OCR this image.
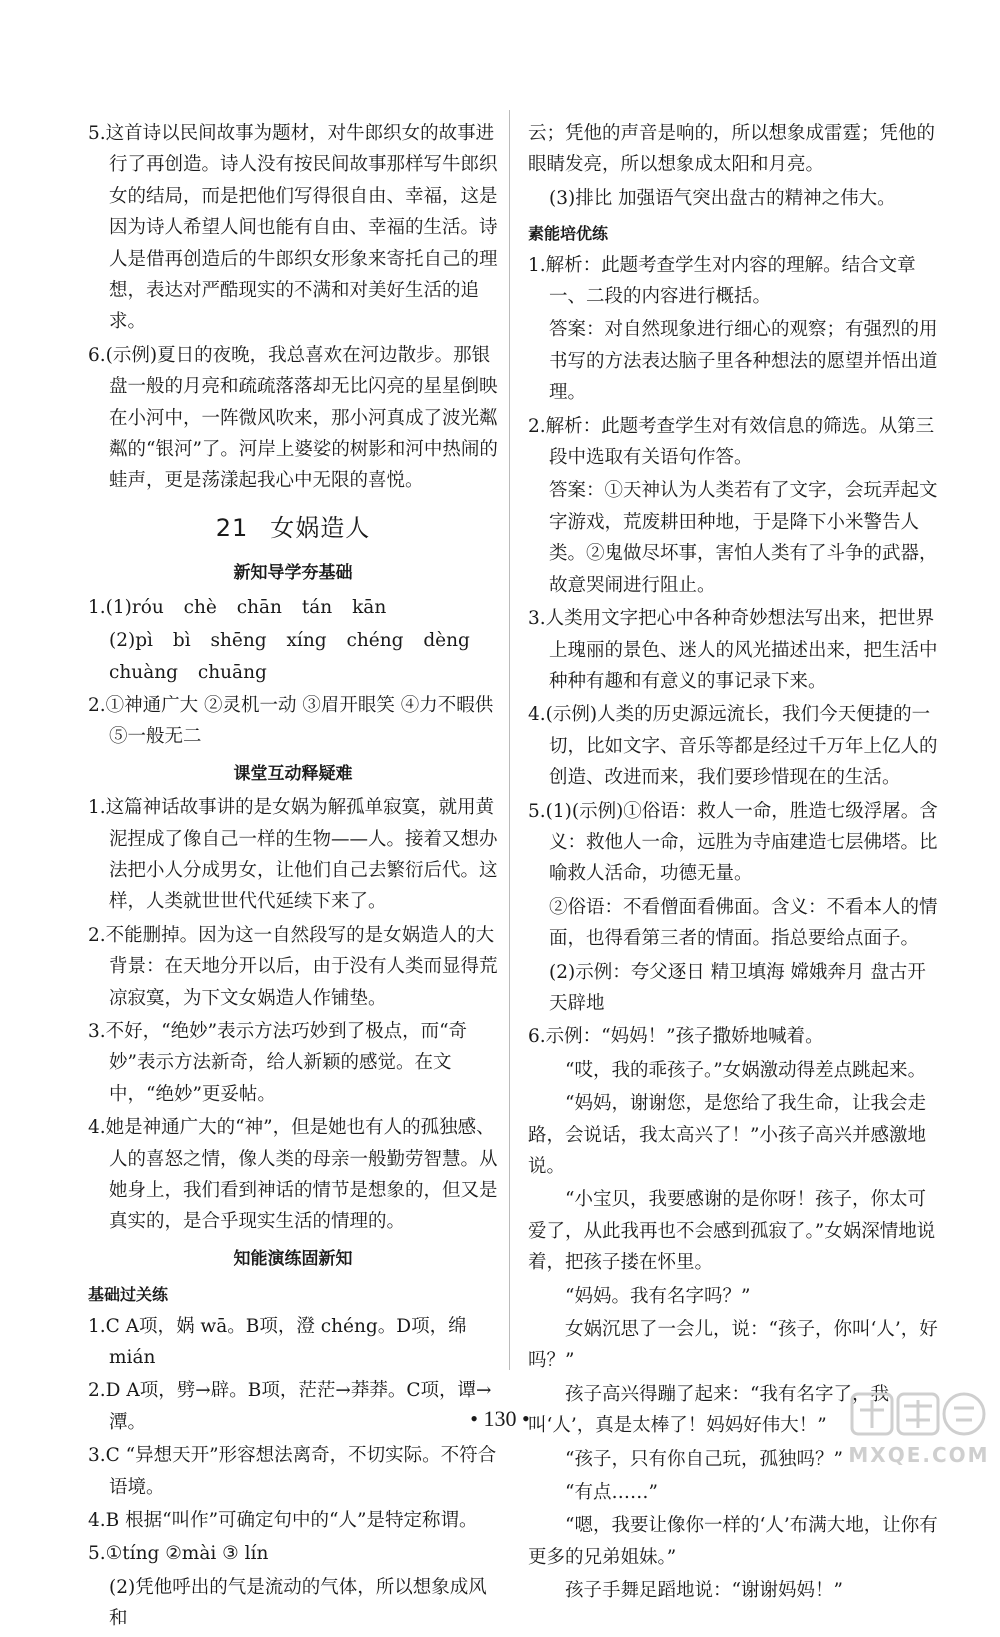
5.这首诗以民间故事为题材，对牛郎织女的故事进行了再创造。诗人没有按民间故事那样写牛郎织女的结局，而是把他们写得很自由、幸福，这是因为诗人希望人间也能有自由、幸福的生活。诗人是借再创造后的牛郎织女形象来寄托自己的理想，表达对严酷现实的不满和对美好生活的追求。

6.(示例)夏日的夜晚，我总喜欢在河边散步。那银盘一般的月亮和疏疏落落却无比闪亮的星星倒映在小河中，一阵微风吹来，那小河真成了波光粼粼的“银河”了。河岸上婆娑的树影和河中热闹的蛙声，更是荡漾起我心中无限的喜悦。

21 女娲造人
新知导学夯基础

1.(1)róu chè chān tán kān

(2)pì bì shēng xíng chéng dèng chuàng chuāng

2.①神通广大 ②灵机一动 ③眉开眼笑 ④力不暇供 ⑤一般无二

课堂互动释疑难

1.这篇神话故事讲的是女娲为解孤单寂寞，就用黄泥捏成了像自己一样的生物——人。接着又想办法把小人分成男女，让他们自己去繁衍后代。这样，人类就世世代代延续下来了。

2.不能删掉。因为这一自然段写的是女娲造人的大背景：在天地分开以后，由于没有人类而显得荒凉寂寞，为下文女娲造人作铺垫。

3.不好，“绝妙”表示方法巧妙到了极点，而“奇妙”表示方法新奇，给人新颖的感觉。在文中，“绝妙”更妥帖。

4.她是神通广大的“神”，但是她也有人的孤独感、人的喜怒之情，像人类的母亲一般勤劳智慧。从她身上，我们看到神话的情节是想象的，但又是真实的，是合乎现实生活的情理的。

知能演练固新知
基础过关练

1.C A项，娲 wā。B项，澄 chéng。D项，绵 mián

2.D A项，劈→辟。B项，茫茫→莽莽。C项，谭→潭。

3.C “异想天开”形容想法离奇，不切实际。不符合语境。

4.B 根据“叫作”可确定句中的“人”是特定称谓。

5.①tíng ②mài ③ lín

(2)凭他呼出的气是流动的气体，所以想象成风和

云；凭他的声音是响的，所以想象成雷霆；凭他的眼睛发亮，所以想象成太阳和月亮。

(3)排比 加强语气突出盘古的精神之伟大。

素能培优练

1.解析：此题考查学生对内容的理解。结合文章一、二段的内容进行概括。

答案：对自然现象进行细心的观察；有强烈的用书写的方法表达脑子里各种想法的愿望并悟出道理。

2.解析：此题考查学生对有效信息的筛选。从第三段中选取有关语句作答。

答案：①天神认为人类若有了文字，会玩弄起文字游戏，荒废耕田种地，于是降下小米警告人类。②鬼做尽坏事，害怕人类有了斗争的武器，故意哭闹进行阻止。

3.人类用文字把心中各种奇妙想法写出来，把世界上瑰丽的景色、迷人的风光描述出来，把生活中种种有趣和有意义的事记录下来。

4.(示例)人类的历史源远流长，我们今天便捷的一切，比如文字、音乐等都是经过千万年上亿人的创造、改进而来，我们要珍惜现在的生活。

5.(1)(示例)①俗语：救人一命，胜造七级浮屠。含义：救他人一命，远胜为寺庙建造七层佛塔。比喻救人活命，功德无量。

②俗语：不看僧面看佛面。含义：不看本人的情面，也得看第三者的情面。指总要给点面子。

(2)示例：夸父逐日 精卫填海 嫦娥奔月 盘古开天辟地

6.示例：“妈妈！”孩子撒娇地喊着。

“哎，我的乖孩子。”女娲激动得差点跳起来。

“妈妈，谢谢您，是您给了我生命，让我会走路，会说话，我太高兴了！”小孩子高兴并感激地说。

“小宝贝，我要感谢的是你呀！孩子，你太可爱了，从此我再也不会感到孤寂了。”女娲深情地说着，把孩子搂在怀里。

“妈妈。我有名字吗？”

女娲沉思了一会儿，说：“孩子，你叫‘人’，好吗？”

孩子高兴得蹦了起来：“我有名字了，我叫‘人’，真是太棒了！妈妈好伟大！”

“孩子，只有你自己玩，孤独吗？”

“有点……”

“嗯，我要让像你一样的‘人’布满大地，让你有更多的兄弟姐妹。”

孩子手舞足蹈地说：“谢谢妈妈！”

• 130 •
MXQE.COM
